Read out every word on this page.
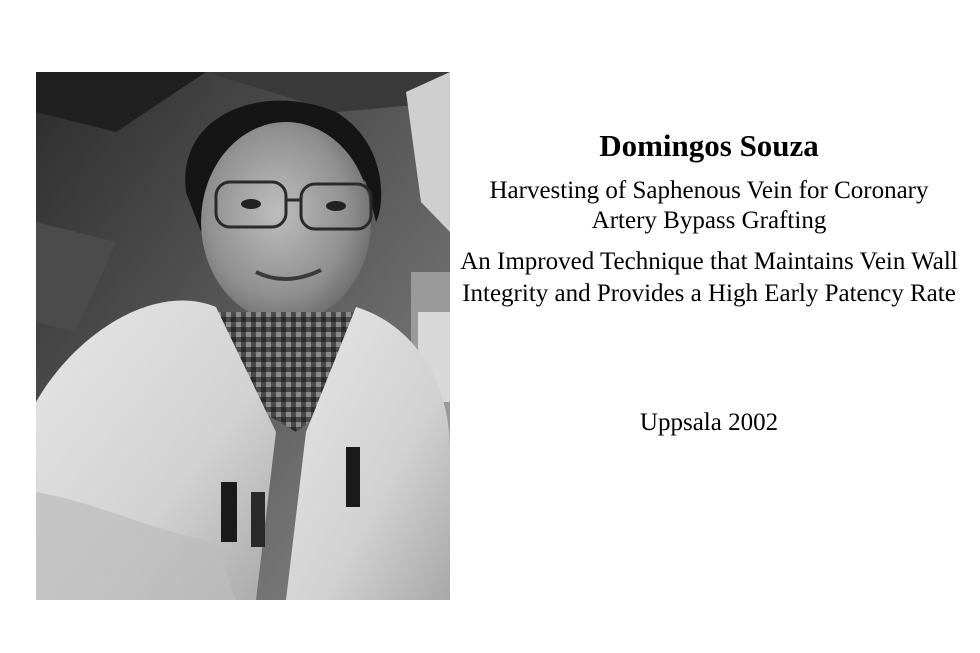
Domingos Souza
Harvesting of Saphenous Vein for Coronary Artery Bypass Grafting
An Improved Technique that Maintains Vein Wall Integrity and Provides a High Early Patency Rate
Uppsala 2002
